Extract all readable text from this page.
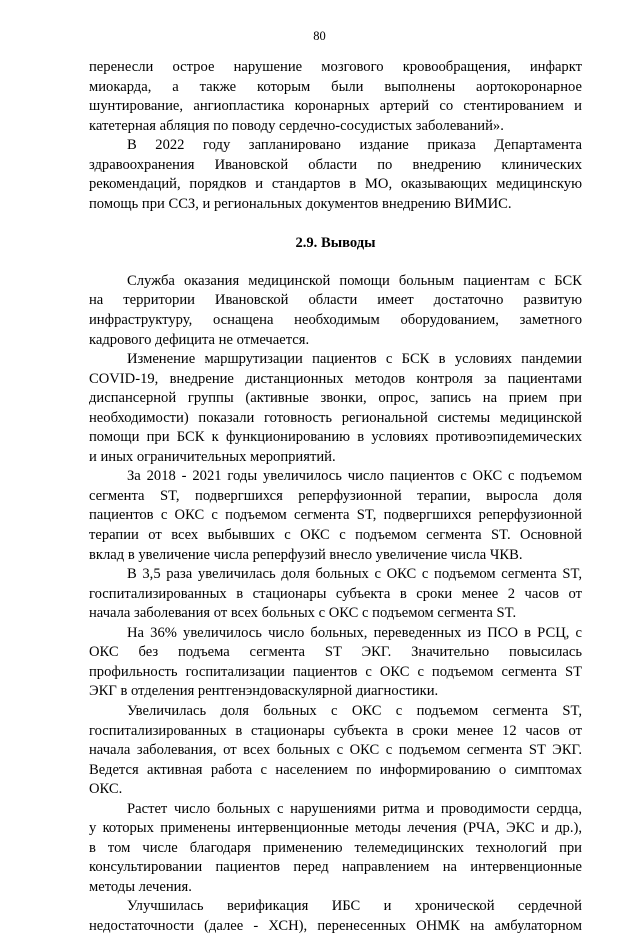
80
перенесли острое нарушение мозгового кровообращения, инфаркт
миокарда, а также которым были выполнены аортокоронарное
шунтирование, ангиопластика коронарных артерий со стентированием и
катетерная абляция по поводу сердечно-сосудистых заболеваний».
В 2022 году запланировано издание приказа Департамента
здравоохранения Ивановской области по внедрению клинических
рекомендаций, порядков и стандартов в МО, оказывающих медицинскую
помощь при ССЗ, и региональных документов внедрению ВИМИС.
2.9. Выводы
Служба оказания медицинской помощи больным пациентам с БСК
на территории Ивановской области имеет достаточно развитую
инфраструктуру, оснащена необходимым оборудованием, заметного
кадрового дефицита не отмечается.
Изменение маршрутизации пациентов с БСК в условиях пандемии
COVID-19, внедрение дистанционных методов контроля за пациентами
диспансерной группы (активные звонки, опрос, запись на прием при
необходимости) показали готовность региональной системы медицинской
помощи при БСК к функционированию в условиях противоэпидемических
и иных ограничительных мероприятий.
За 2018 - 2021 годы увеличилось число пациентов с ОКС с подъемом
сегмента ST, подвергшихся реперфузионной терапии, выросла доля
пациентов с ОКС с подъемом сегмента ST, подвергшихся реперфузионной
терапии от всех выбывших с ОКС с подъемом сегмента ST. Основной
вклад в увеличение числа реперфузий внесло увеличение числа ЧКВ.
В 3,5 раза увеличилась доля больных с ОКС с подъемом сегмента ST,
госпитализированных в стационары субъекта в сроки менее 2 часов от
начала заболевания от всех больных с ОКС с подъемом сегмента ST.
На 36% увеличилось число больных, переведенных из ПСО в РСЦ, с
ОКС без подъема сегмента ST ЭКГ. Значительно повысилась
профильность госпитализации пациентов с ОКС с подъемом сегмента ST
ЭКГ в отделения рентгенэндоваскулярной диагностики.
Увеличилась доля больных с ОКС с подъемом сегмента ST,
госпитализированных в стационары субъекта в сроки менее 12 часов от
начала заболевания, от всех больных с ОКС с подъемом сегмента ST ЭКГ.
Ведется активная работа с населением по информированию о симптомах
ОКС.
Растет число больных с нарушениями ритма и проводимости сердца,
у которых применены интервенционные методы лечения (РЧА, ЭКС и др.),
в том числе благодаря применению телемедицинских технологий при
консультировании пациентов перед направлением на интервенционные
методы лечения.
Улучшилась верификация ИБС и хронической сердечной
недостаточности (далее - ХСН), перенесенных ОНМК на амбулаторном
